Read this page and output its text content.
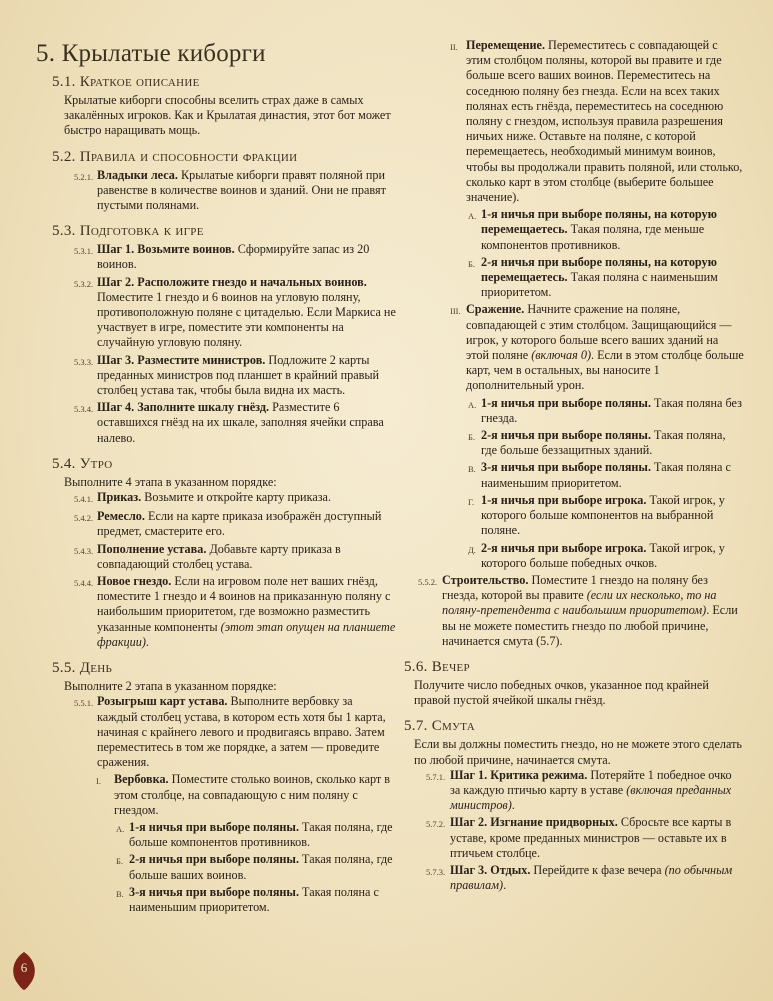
5. Крылатые киборги
5.1. Краткое описание

Крылатые киборги способны вселить страх даже в самых закалённых игроков. Как и Крылатая династия, этот бот может быстро наращивать мощь.

5.2. Правила и способности фракции
5.2.1. Владыки леса. Крылатые киборги правят поляной при равенстве в количестве воинов и зданий. Они не правят пустыми полянами.
5.3. Подготовка к игре
5.3.1. Шаг 1. Возьмите воинов. Сформируйте запас из 20 воинов.
5.3.2. Шаг 2. Расположите гнездо и начальных воинов. Поместите 1 гнездо и 6 воинов на угловую поляну, противоположную поляне с цитаделью. Если Маркиса не участвует в игре, поместите эти компоненты на случайную угловую поляну.
5.3.3. Шаг 3. Разместите министров. Подложите 2 карты преданных министров под планшет в крайний правый столбец устава так, чтобы была видна их масть.
5.3.4. Шаг 4. Заполните шкалу гнёзд. Разместите 6 оставшихся гнёзд на их шкале, заполняя ячейки справа налево.
5.4. Утро

Выполните 4 этапа в указанном порядке:

5.4.1. Приказ. Возьмите и откройте карту приказа.
5.4.2. Ремесло. Если на карте приказа изображён доступный предмет, смастерите его.
5.4.3. Пополнение устава. Добавьте карту приказа в совпадающий столбец устава.
5.4.4. Новое гнездо. Если на игровом поле нет ваших гнёзд, поместите 1 гнездо и 4 воинов на приказанную поляну с наибольшим приоритетом, где возможно разместить указанные компоненты (этот этап опущен на планшете фракции).
5.5. День

Выполните 2 этапа в указанном порядке:

5.5.1. Розыгрыш карт устава. Выполните вербовку за каждый столбец устава, в котором есть хотя бы 1 карта, начиная с крайнего левого и продвигаясь вправо. Затем переместитесь в том же порядке, а затем — проведите сражения.
I.	Вербовка. Поместите столько воинов, сколько карт в этом столбце, на совпадающую с ним поляну с гнездом.
А. 1-я ничья при выборе поляны. Такая поляна, где больше компонентов противников.
Б. 2-я ничья при выборе поляны. Такая поляна, где больше ваших воинов.
В. 3-я ничья при выборе поляны. Такая поляна с наименьшим приоритетом.
II. Перемещение. Переместитесь с совпадающей с этим столбцом поляны, которой вы правите и где больше всего ваших воинов. Переместитесь на соседнюю поляну без гнезда. Если на всех таких полянах есть гнёзда, переместитесь на соседнюю поляну с гнездом, используя правила разрешения ничьих ниже. Оставьте на поляне, с которой перемещаетесь, необходимый минимум воинов, чтобы вы продолжали править поляной, или столько, сколько карт в этом столбце (выберите большее значение).
А. 1-я ничья при выборе поляны, на которую перемещаетесь. Такая поляна, где меньше компонентов противников.
Б. 2-я ничья при выборе поляны, на которую перемещаетесь. Такая поляна с наименьшим приоритетом.
III. Сражение. Начните сражение на поляне, совпадающей с этим столбцом. Защищающийся — игрок, у которого больше всего ваших зданий на этой поляне (включая 0). Если в этом столбце больше карт, чем в остальных, вы наносите 1 дополнительный урон.
А. 1-я ничья при выборе поляны. Такая поляна без гнезда.
Б. 2-я ничья при выборе поляны. Такая поляна, где больше беззащитных зданий.
В. 3-я ничья при выборе поляны. Такая поляна с наименьшим приоритетом.
Г. 1-я ничья при выборе игрока. Такой игрок, у которого больше компонентов на выбранной поляне.
Д. 2-я ничья при выборе игрока. Такой игрок, у которого больше победных очков.
5.5.2. Строительство. Поместите 1 гнездо на поляну без гнезда, которой вы правите (если их несколько, то на поляну-претендента с наибольшим приоритетом). Если вы не можете поместить гнездо по любой причине, начинается смута (5.7).
5.6. Вечер

Получите число победных очков, указанное под крайней правой пустой ячейкой шкалы гнёзд.

5.7. Смута

Если вы должны поместить гнездо, но не можете этого сделать по любой причине, начинается смута.

5.7.1. Шаг 1. Критика режима. Потеряйте 1 победное очко за каждую птичью карту в уставе (включая преданных министров).
5.7.2. Шаг 2. Изгнание придворных. Сбросьте все карты в уставе, кроме преданных министров — оставьте их в птичьем столбце.
5.7.3. Шаг 3. Отдых. Перейдите к фазе вечера (по обычным правилам).
6
